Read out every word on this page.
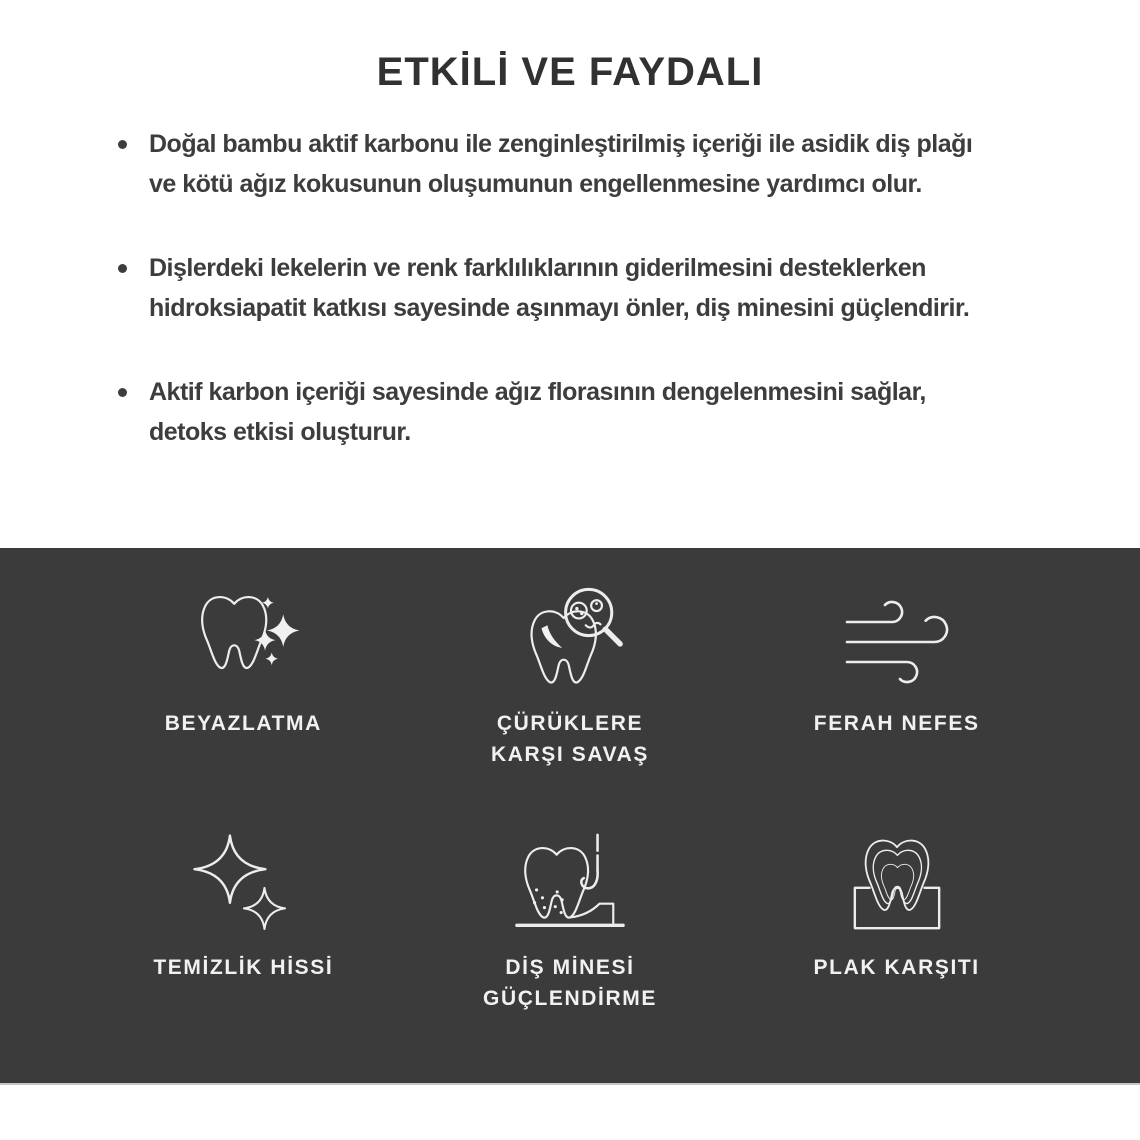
ETKİLİ VE FAYDALI
Doğal bambu aktif karbonu ile zenginleştirilmiş içeriği ile asidik diş plağı ve kötü ağız kokusunun oluşumunun engellenmesine yardımcı olur.
Dişlerdeki lekelerin ve renk farklılıklarının giderilmesini desteklerken hidroksiapatit katkısı sayesinde aşınmayı önler, diş minesini güçlendirir.
Aktif karbon içeriği sayesinde ağız florasının dengelenmesini sağlar, detoks etkisi oluşturur.
BEYAZLATMA	ÇÜRÜKLERE
KARŞI SAVAŞ
FERAH NEFES
TEMİZLİK HİSSİ	DİŞ MİNESİ
GÜÇLENDİRME
PLAK KARŞITI
